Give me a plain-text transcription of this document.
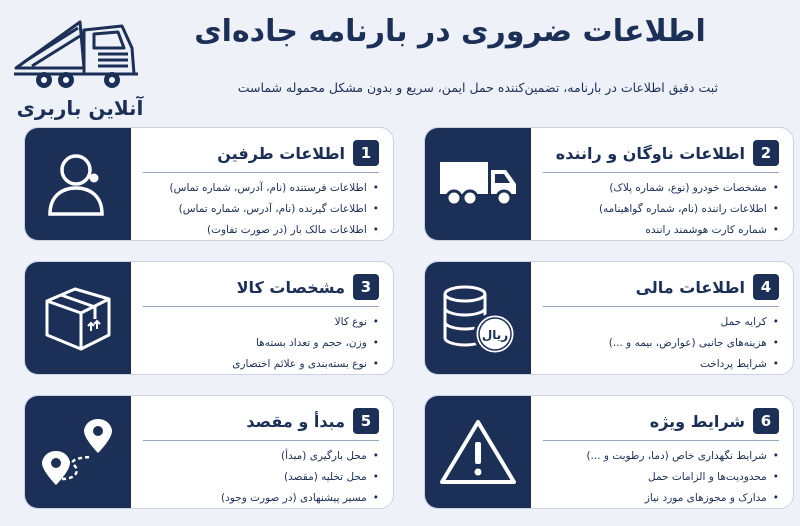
آنلاین باربری
اطلاعات ضروری در بارنامه جاده‌ای
ثبت دقیق اطلاعات در بارنامه، تضمین‌کننده حمل ایمن، سریع و بدون مشکل محموله شماست
1
اطلاعات طرفین
• اطلاعات فرستنده (نام، آدرس، شماره تماس)
• اطلاعات گیرنده (نام، آدرس، شماره تماس)
• اطلاعات مالک بار (در صورت تفاوت)
2
اطلاعات ناوگان و راننده
• مشخصات خودرو (نوع، شماره پلاک)
• اطلاعات راننده (نام، شماره گواهینامه)
• شماره کارت هوشمند راننده
3
مشخصات کالا
• نوع کالا
• وزن، حجم و تعداد بسته‌ها
• نوع بسته‌بندی و علائم اختصاری
ریال
4
اطلاعات مالی
• کرایه حمل
• هزینه‌های جانبی (عوارض، بیمه و ...)
• شرایط پرداخت
5
مبدأ و مقصد
• محل بارگیری (مبدأ)
• محل تخلیه (مقصد)
• مسیر پیشنهادی (در صورت وجود)
6
شرایط ویژه
• شرایط نگهداری خاص (دما، رطوبت و ...)
• محدودیت‌ها و الزامات حمل
• مدارک و مجوزهای مورد نیاز
